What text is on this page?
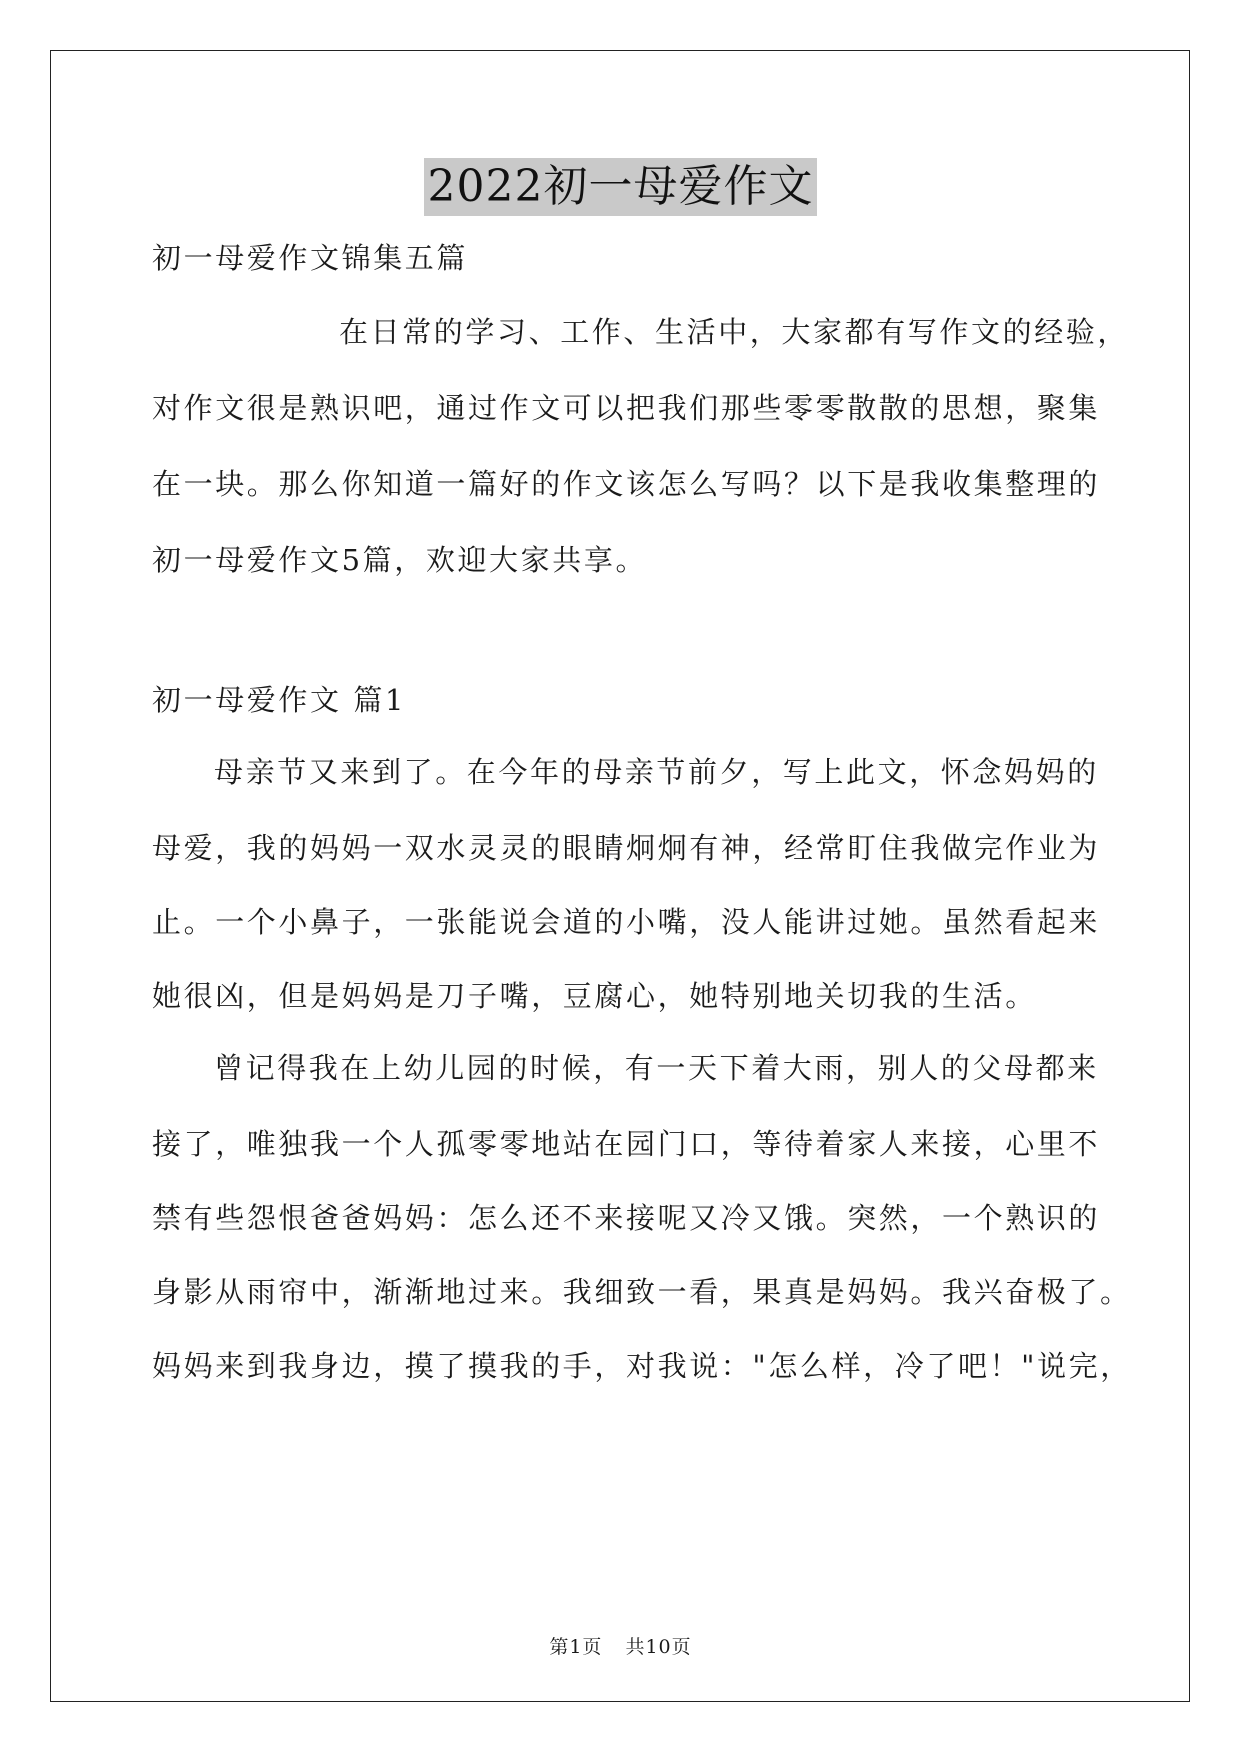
2022初一母爱作文
初一母爱作文锦集五篇
在日常的学习、工作、生活中，大家都有写作文的经验，
对作文很是熟识吧，通过作文可以把我们那些零零散散的思想，聚集
在一块。那么你知道一篇好的作文该怎么写吗？以下是我收集整理的
初一母爱作文5篇，欢迎大家共享。
初一母爱作文 篇1
母亲节又来到了。在今年的母亲节前夕，写上此文，怀念妈妈的
母爱，我的妈妈一双水灵灵的眼睛炯炯有神，经常盯住我做完作业为
止。一个小鼻子，一张能说会道的小嘴，没人能讲过她。虽然看起来
她很凶，但是妈妈是刀子嘴，豆腐心，她特别地关切我的生活。
曾记得我在上幼儿园的时候，有一天下着大雨，别人的父母都来
接了，唯独我一个人孤零零地站在园门口，等待着家人来接，心里不
禁有些怨恨爸爸妈妈：怎么还不来接呢又冷又饿。突然，一个熟识的
身影从雨帘中，渐渐地过来。我细致一看，果真是妈妈。我兴奋极了。
妈妈来到我身边，摸了摸我的手，对我说："怎么样，冷了吧！"说完，
第1页 共10页
